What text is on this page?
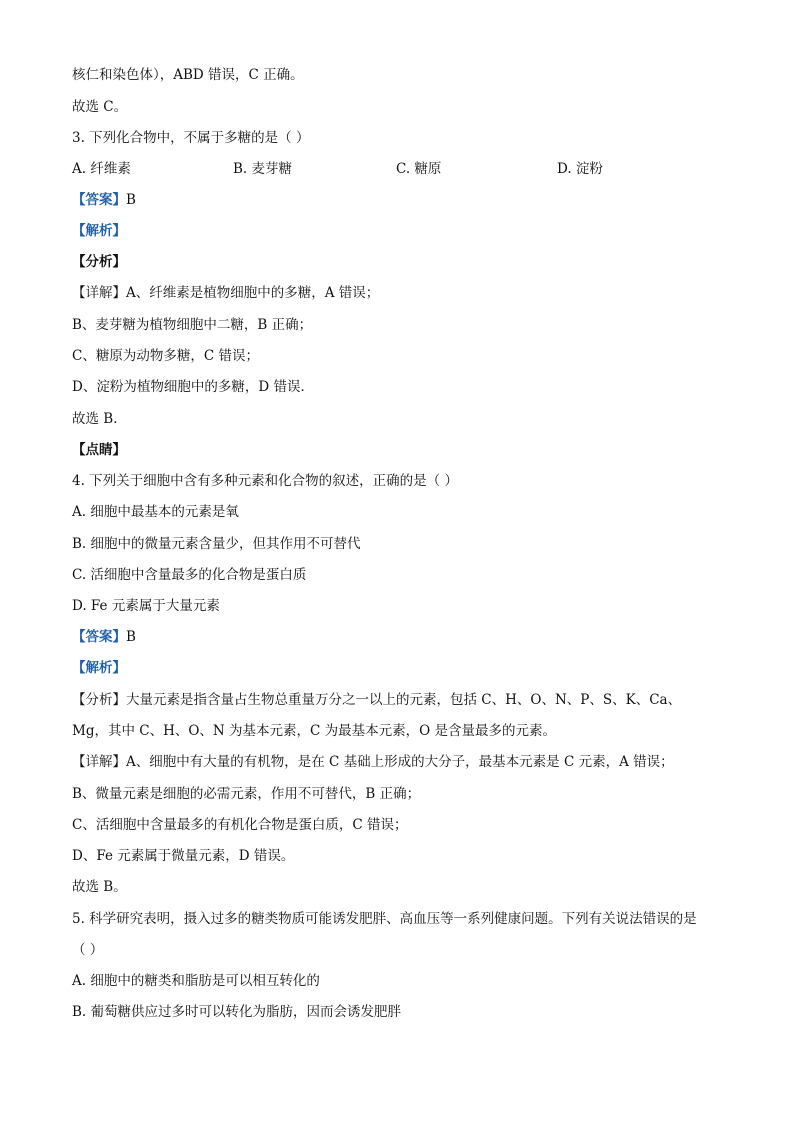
核仁和染色体），ABD 错误，C 正确。
故选 C。
3. 下列化合物中，不属于多糖的是（ ）
A. 纤维素	B. 麦芽糖	C. 糖原	D. 淀粉
【答案】B
【解析】
【分析】
【详解】A、纤维素是植物细胞中的多糖，A 错误；
B、麦芽糖为植物细胞中二糖，B 正确；
C、糖原为动物多糖，C 错误；
D、淀粉为植物细胞中的多糖，D 错误．
故选 B．
【点睛】
4. 下列关于细胞中含有多种元素和化合物的叙述，正确的是（ ）
A. 细胞中最基本的元素是氧
B. 细胞中的微量元素含量少，但其作用不可替代
C. 活细胞中含量最多的化合物是蛋白质
D. Fe 元素属于大量元素
【答案】B
【解析】
【分析】大量元素是指含量占生物总重量万分之一以上的元素，包括 C、H、O、N、P、S、K、Ca、
Mg，其中 C、H、O、N 为基本元素，C 为最基本元素，O 是含量最多的元素。
【详解】A、细胞中有大量的有机物，是在 C 基础上形成的大分子，最基本元素是 C 元素，A 错误；
B、微量元素是细胞的必需元素，作用不可替代，B 正确；
C、活细胞中含量最多的有机化合物是蛋白质，C 错误；
D、Fe 元素属于微量元素，D 错误。
故选 B。
5. 科学研究表明，摄入过多的糖类物质可能诱发肥胖、高血压等一系列健康问题。下列有关说法错误的是
（ ）
A. 细胞中的糖类和脂肪是可以相互转化的
B. 葡萄糖供应过多时可以转化为脂肪，因而会诱发肥胖
